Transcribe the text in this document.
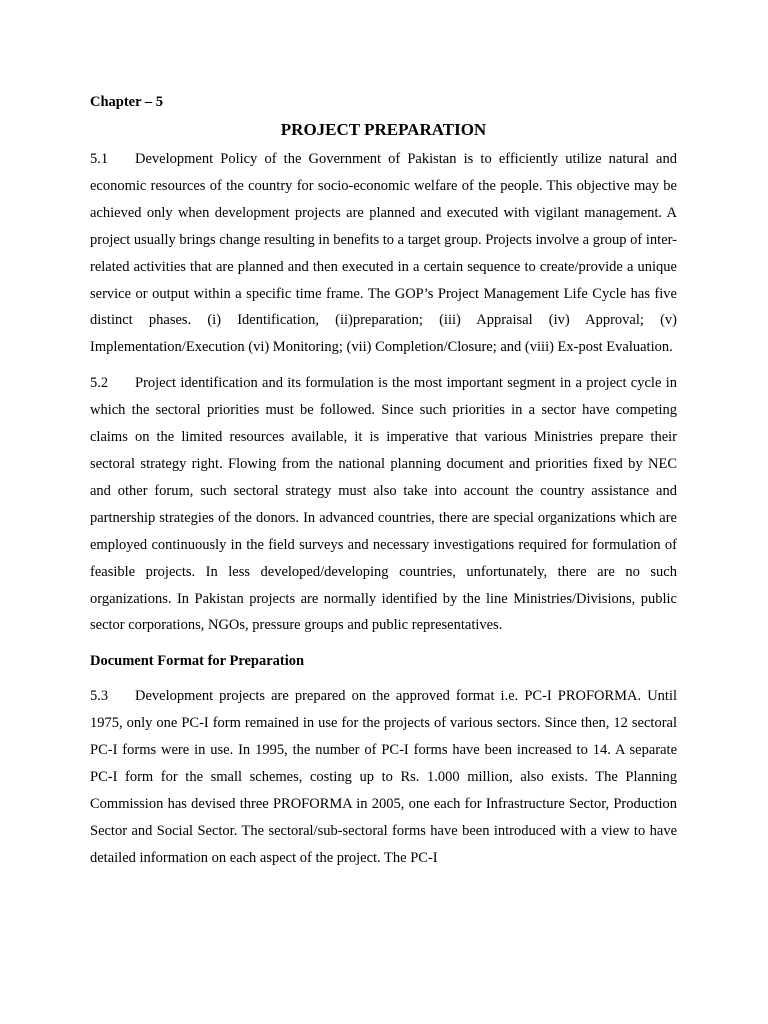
Chapter – 5

PROJECT PREPARATION

5.1 Development Policy of the Government of Pakistan is to efficiently utilize natural and economic resources of the country for socio-economic welfare of the people. This objective may be achieved only when development projects are planned and executed with vigilant management. A project usually brings change resulting in benefits to a target group. Projects involve a group of inter-related activities that are planned and then executed in a certain sequence to create/provide a unique service or output within a specific time frame. The GOP’s Project Management Life Cycle has five distinct phases. (i) Identification, (ii)preparation; (iii) Appraisal (iv) Approval; (v) Implementation/Execution (vi) Monitoring; (vii) Completion/Closure; and (viii) Ex-post Evaluation.

5.2 Project identification and its formulation is the most important segment in a project cycle in which the sectoral priorities must be followed. Since such priorities in a sector have competing claims on the limited resources available, it is imperative that various Ministries prepare their sectoral strategy right. Flowing from the national planning document and priorities fixed by NEC and other forum, such sectoral strategy must also take into account the country assistance and partnership strategies of the donors. In advanced countries, there are special organizations which are employed continuously in the field surveys and necessary investigations required for formulation of feasible projects. In less developed/developing countries, unfortunately, there are no such organizations. In Pakistan projects are normally identified by the line Ministries/Divisions, public sector corporations, NGOs, pressure groups and public representatives.

Document Format for Preparation

5.3 Development projects are prepared on the approved format i.e. PC-I PROFORMA. Until 1975, only one PC-I form remained in use for the projects of various sectors. Since then, 12 sectoral PC-I forms were in use. In 1995, the number of PC-I forms have been increased to 14. A separate PC-I form for the small schemes, costing up to Rs. 1.000 million, also exists. The Planning Commission has devised three PROFORMA in 2005, one each for Infrastructure Sector, Production Sector and Social Sector. The sectoral/sub-sectoral forms have been introduced with a view to have detailed information on each aspect of the project. The PC-I
